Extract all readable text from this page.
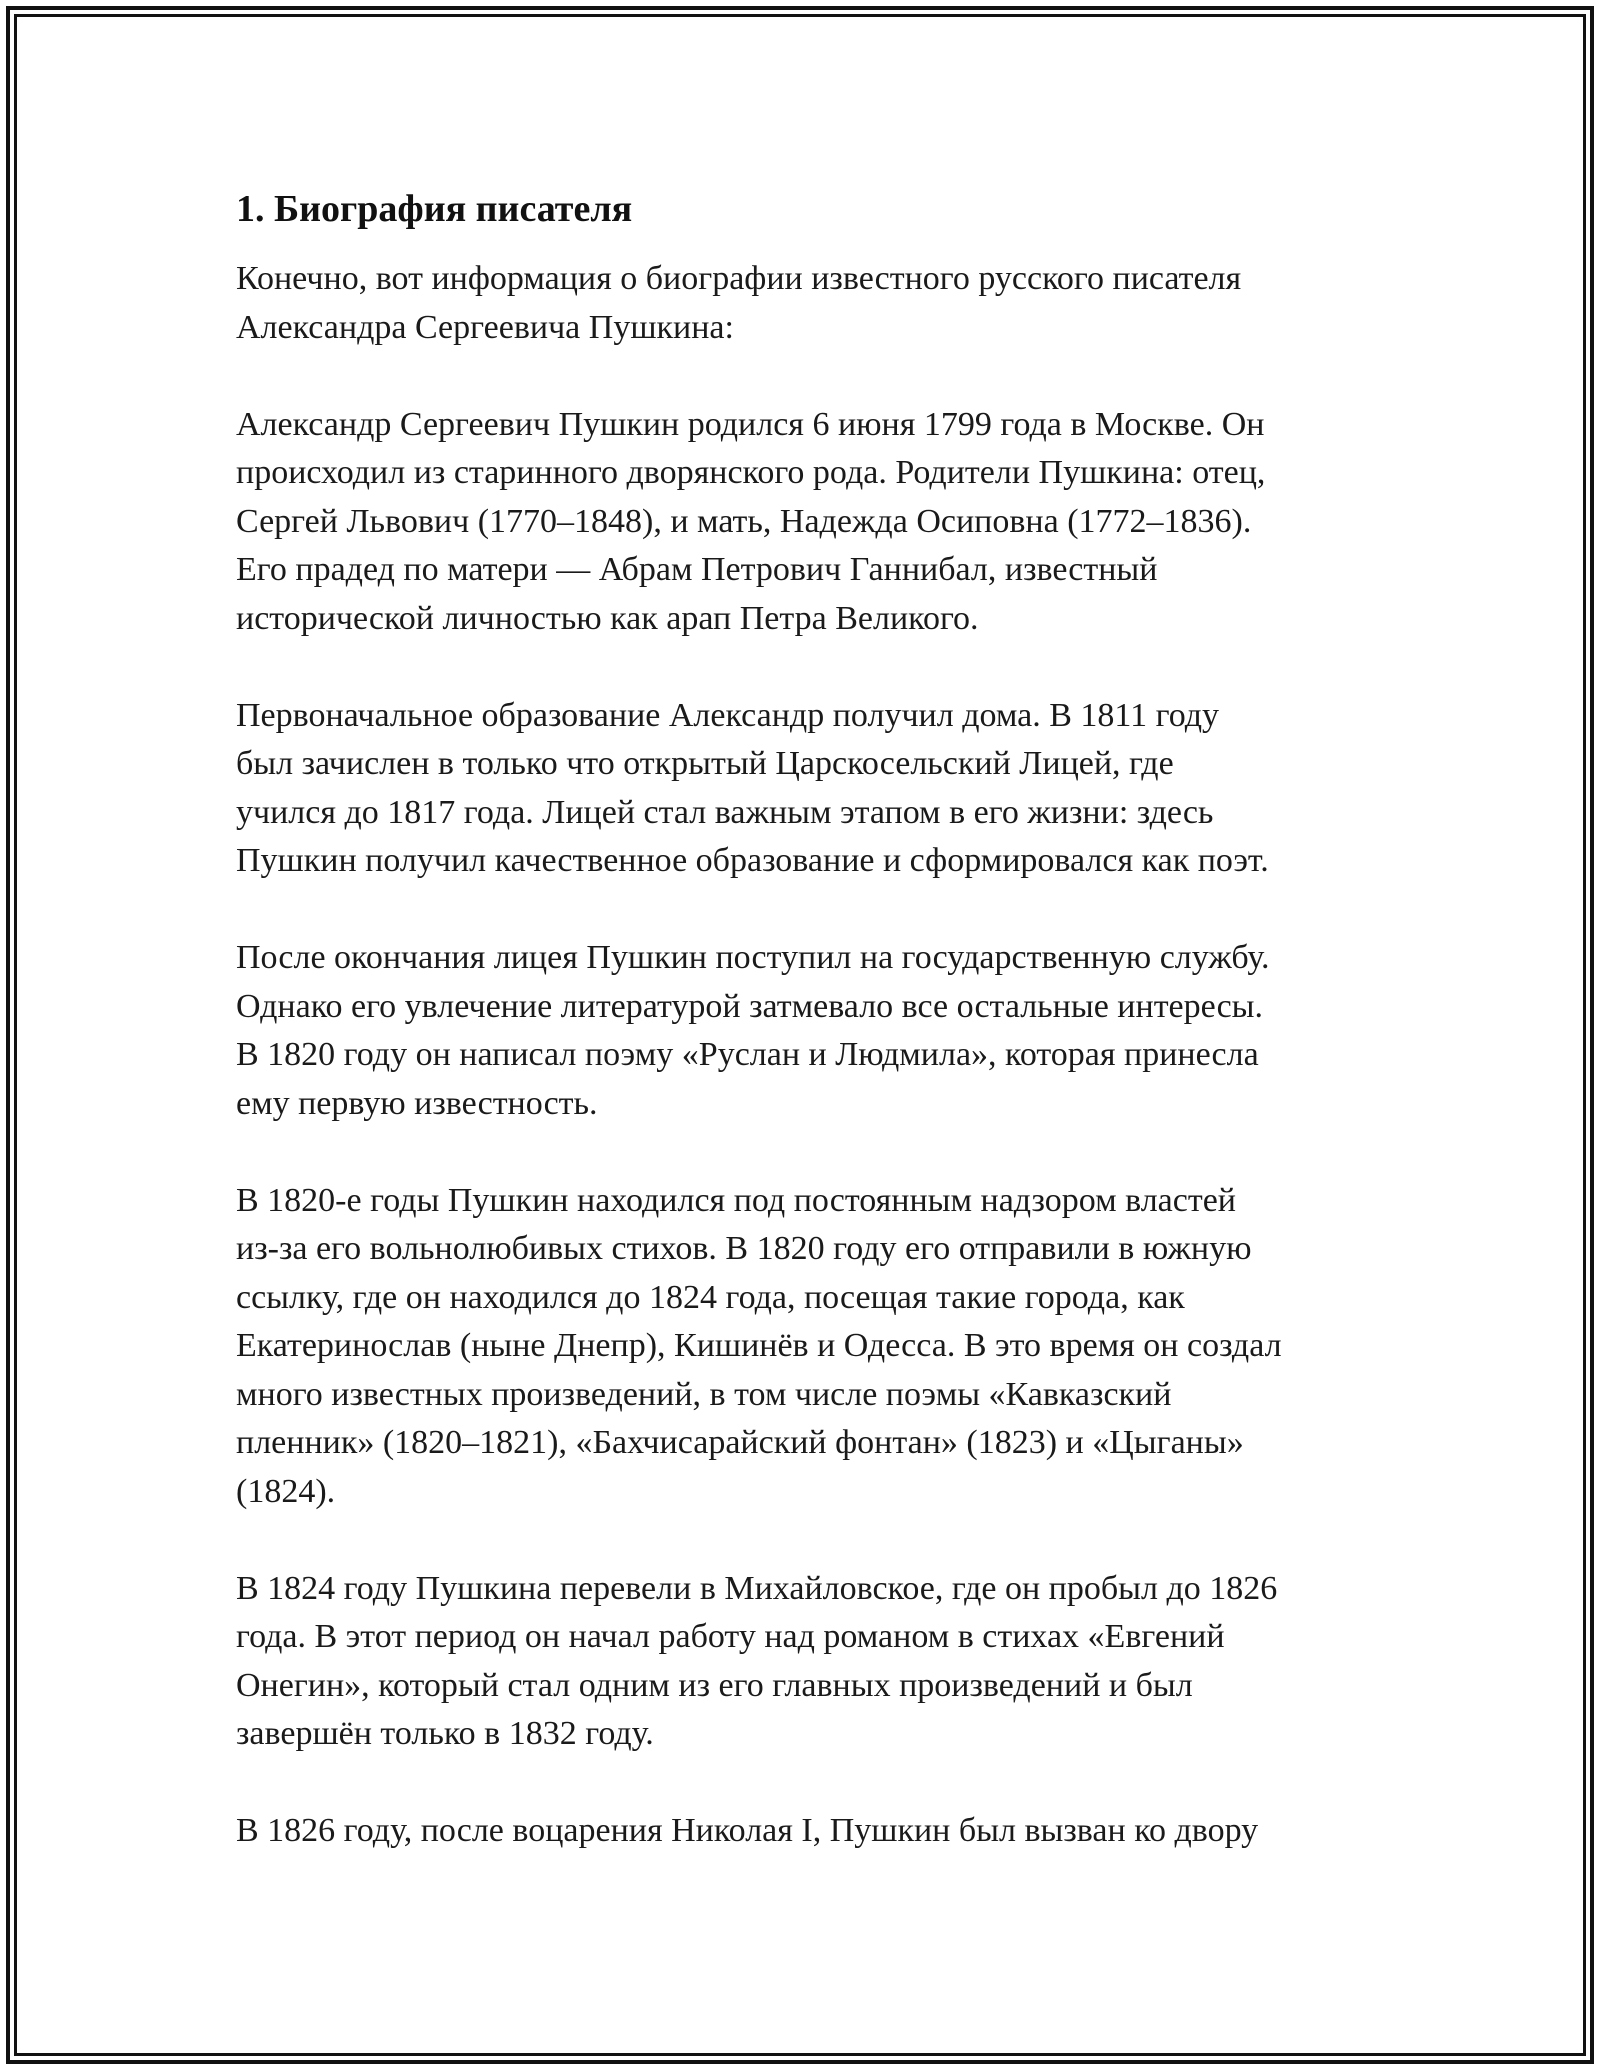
1. Биография писателя
Конечно, вот информация о биографии известного русского писателя
Александра Сергеевича Пушкина:
Александр Сергеевич Пушкин родился 6 июня 1799 года в Москве. Он
происходил из старинного дворянского рода. Родители Пушкина: отец,
Сергей Львович (1770–1848), и мать, Надежда Осиповна (1772–1836).
Его прадед по матери — Абрам Петрович Ганнибал, известный
исторической личностью как арап Петра Великого.
Первоначальное образование Александр получил дома. В 1811 году
был зачислен в только что открытый Царскосельский Лицей, где
учился до 1817 года. Лицей стал важным этапом в его жизни: здесь
Пушкин получил качественное образование и сформировался как поэт.
После окончания лицея Пушкин поступил на государственную службу.
Однако его увлечение литературой затмевало все остальные интересы.
В 1820 году он написал поэму «Руслан и Людмила», которая принесла
ему первую известность.
В 1820-е годы Пушкин находился под постоянным надзором властей
из-за его вольнолюбивых стихов. В 1820 году его отправили в южную
ссылку, где он находился до 1824 года, посещая такие города, как
Екатеринослав (ныне Днепр), Кишинёв и Одесса. В это время он создал
много известных произведений, в том числе поэмы «Кавказский
пленник» (1820–1821), «Бахчисарайский фонтан» (1823) и «Цыганы»
(1824).
В 1824 году Пушкина перевели в Михайловское, где он пробыл до 1826
года. В этот период он начал работу над романом в стихах «Евгений
Онегин», который стал одним из его главных произведений и был
завершён только в 1832 году.
В 1826 году, после воцарения Николая I, Пушкин был вызван ко двору
